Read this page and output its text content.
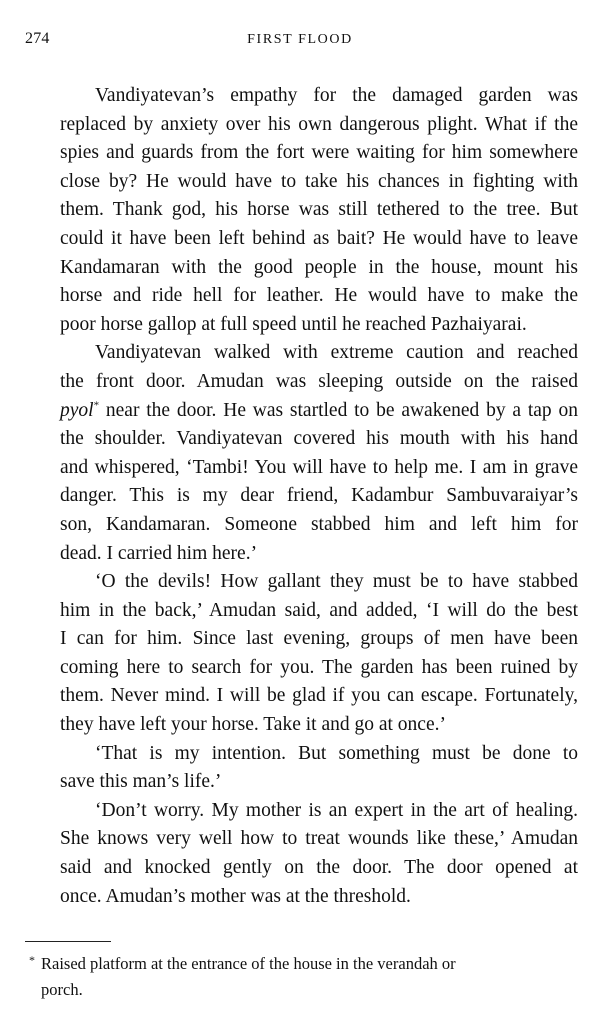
274	FIRST FLOOD

Vandiyatevan’s empathy for the damaged garden was
replaced by anxiety over his own dangerous plight. What if the
spies and guards from the fort were waiting for him somewhere
close by? He would have to take his chances in fighting with
them. Thank god, his horse was still tethered to the tree. But
could it have been left behind as bait? He would have to leave
Kandamaran with the good people in the house, mount his
horse and ride hell for leather. He would have to make the
poor horse gallop at full speed until he reached Pazhaiyarai.

Vandiyatevan walked with extreme caution and reached
the front door. Amudan was sleeping outside on the raised
pyol* near the door. He was startled to be awakened by a tap on
the shoulder. Vandiyatevan covered his mouth with his hand
and whispered, ‘Tambi! You will have to help me. I am in grave
danger. This is my dear friend, Kadambur Sambuvaraiyar’s
son, Kandamaran. Someone stabbed him and left him for
dead. I carried him here.’

‘O the devils! How gallant they must be to have stabbed
him in the back,’ Amudan said, and added, ‘I will do the best
I can for him. Since last evening, groups of men have been
coming here to search for you. The garden has been ruined by
them. Never mind. I will be glad if you can escape. Fortunately,
they have left your horse. Take it and go at once.’

‘That is my intention. But something must be done to
save this man’s life.’

‘Don’t worry. My mother is an expert in the art of healing.
She knows very well how to treat wounds like these,’ Amudan
said and knocked gently on the door. The door opened at
once. Amudan’s mother was at the threshold.

* Raised platform at the entrance of the house in the verandah or
porch.
